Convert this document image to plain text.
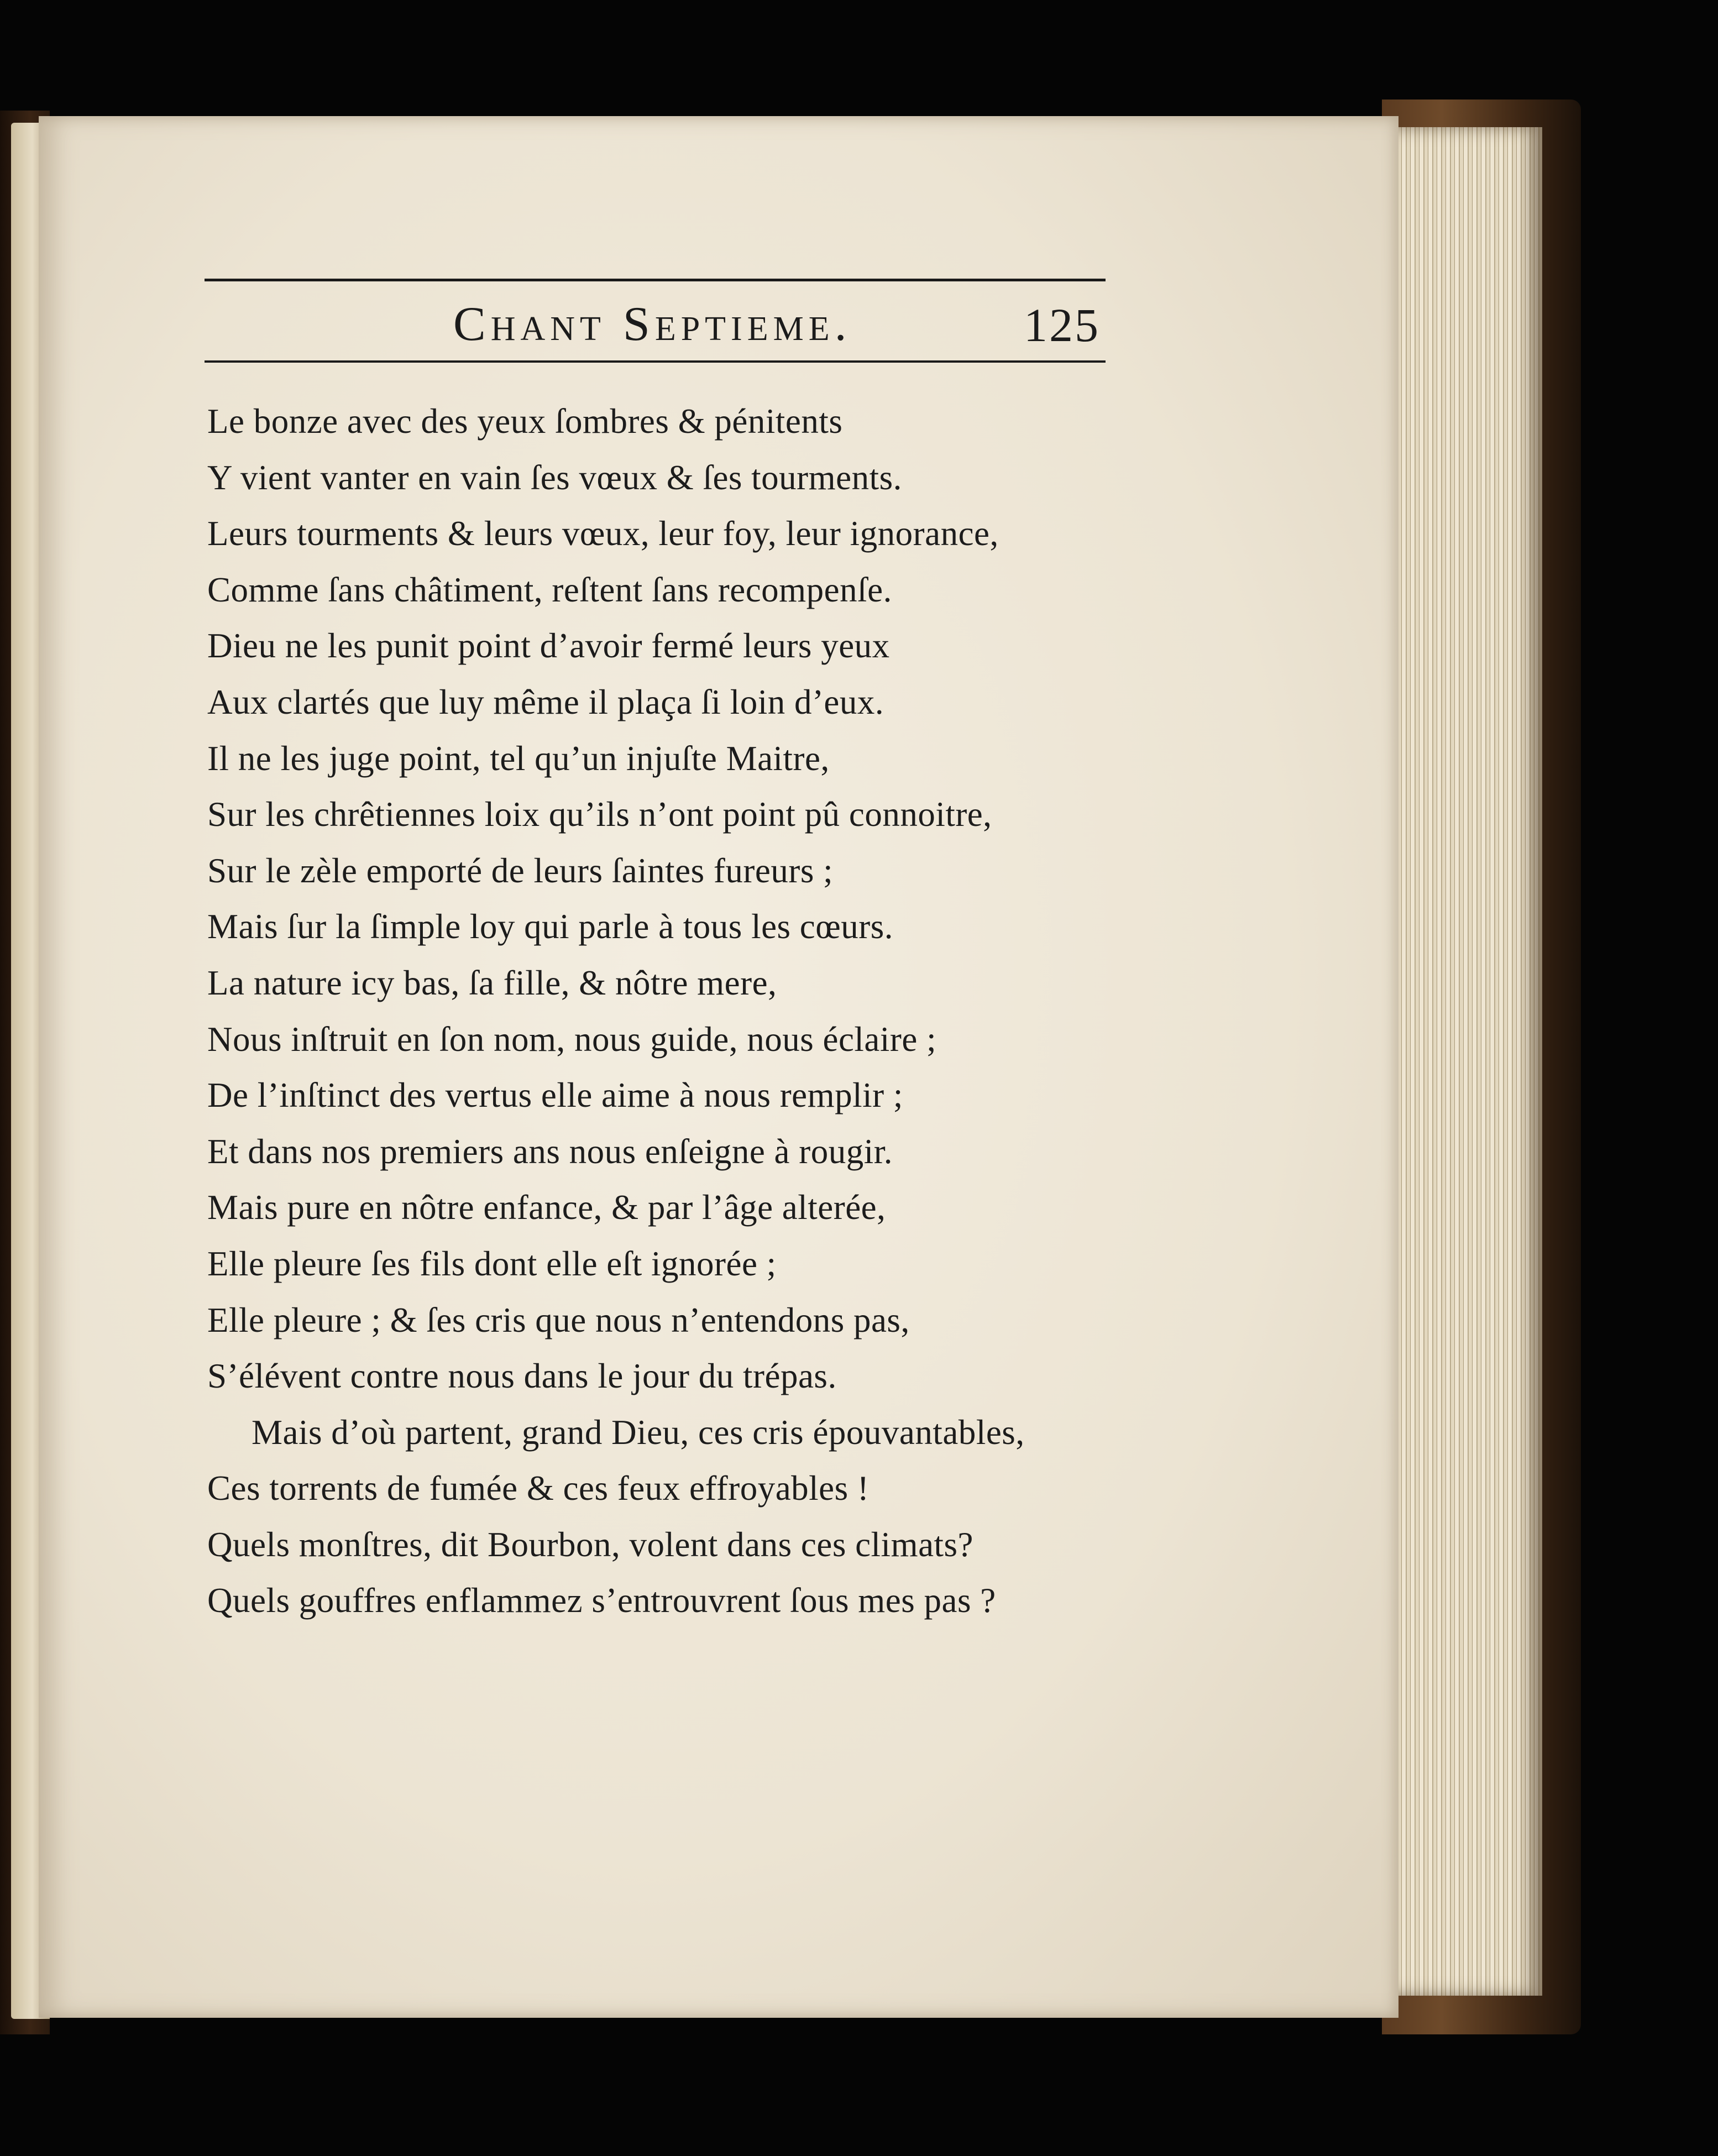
Chant Septieme.	125
Le bonze avec des yeux ſombres & pénitents
Y vient vanter en vain ſes vœux & ſes tourments.
Leurs tourments & leurs vœux, leur foy, leur ignorance,
Comme ſans châtiment, reſtent ſans recompenſe.
Dieu ne les punit point d’avoir fermé leurs yeux
Aux clartés que luy même il plaça ſi loin d’eux.
Il ne les juge point, tel qu’un injuſte Maitre,
Sur les chrêtiennes loix qu’ils n’ont point pû connoitre,
Sur le zèle emporté de leurs ſaintes fureurs ;
Mais ſur la ſimple loy qui parle à tous les cœurs.
La nature icy bas, ſa fille, & nôtre mere,
Nous inſtruit en ſon nom, nous guide, nous éclaire ;
De l’inſtinct des vertus elle aime à nous remplir ;
Et dans nos premiers ans nous enſeigne à rougir.
Mais pure en nôtre enfance, & par l’âge alterée,
Elle pleure ſes fils dont elle eſt ignorée ;
Elle pleure ; & ſes cris que nous n’entendons pas,
S’élévent contre nous dans le jour du trépas.
Mais d’où partent, grand Dieu, ces cris épouvantables,
Ces torrents de fumée & ces feux effroyables !
Quels monſtres, dit Bourbon, volent dans ces climats?
Quels gouffres enflammez s’entrouvrent ſous mes pas ?
